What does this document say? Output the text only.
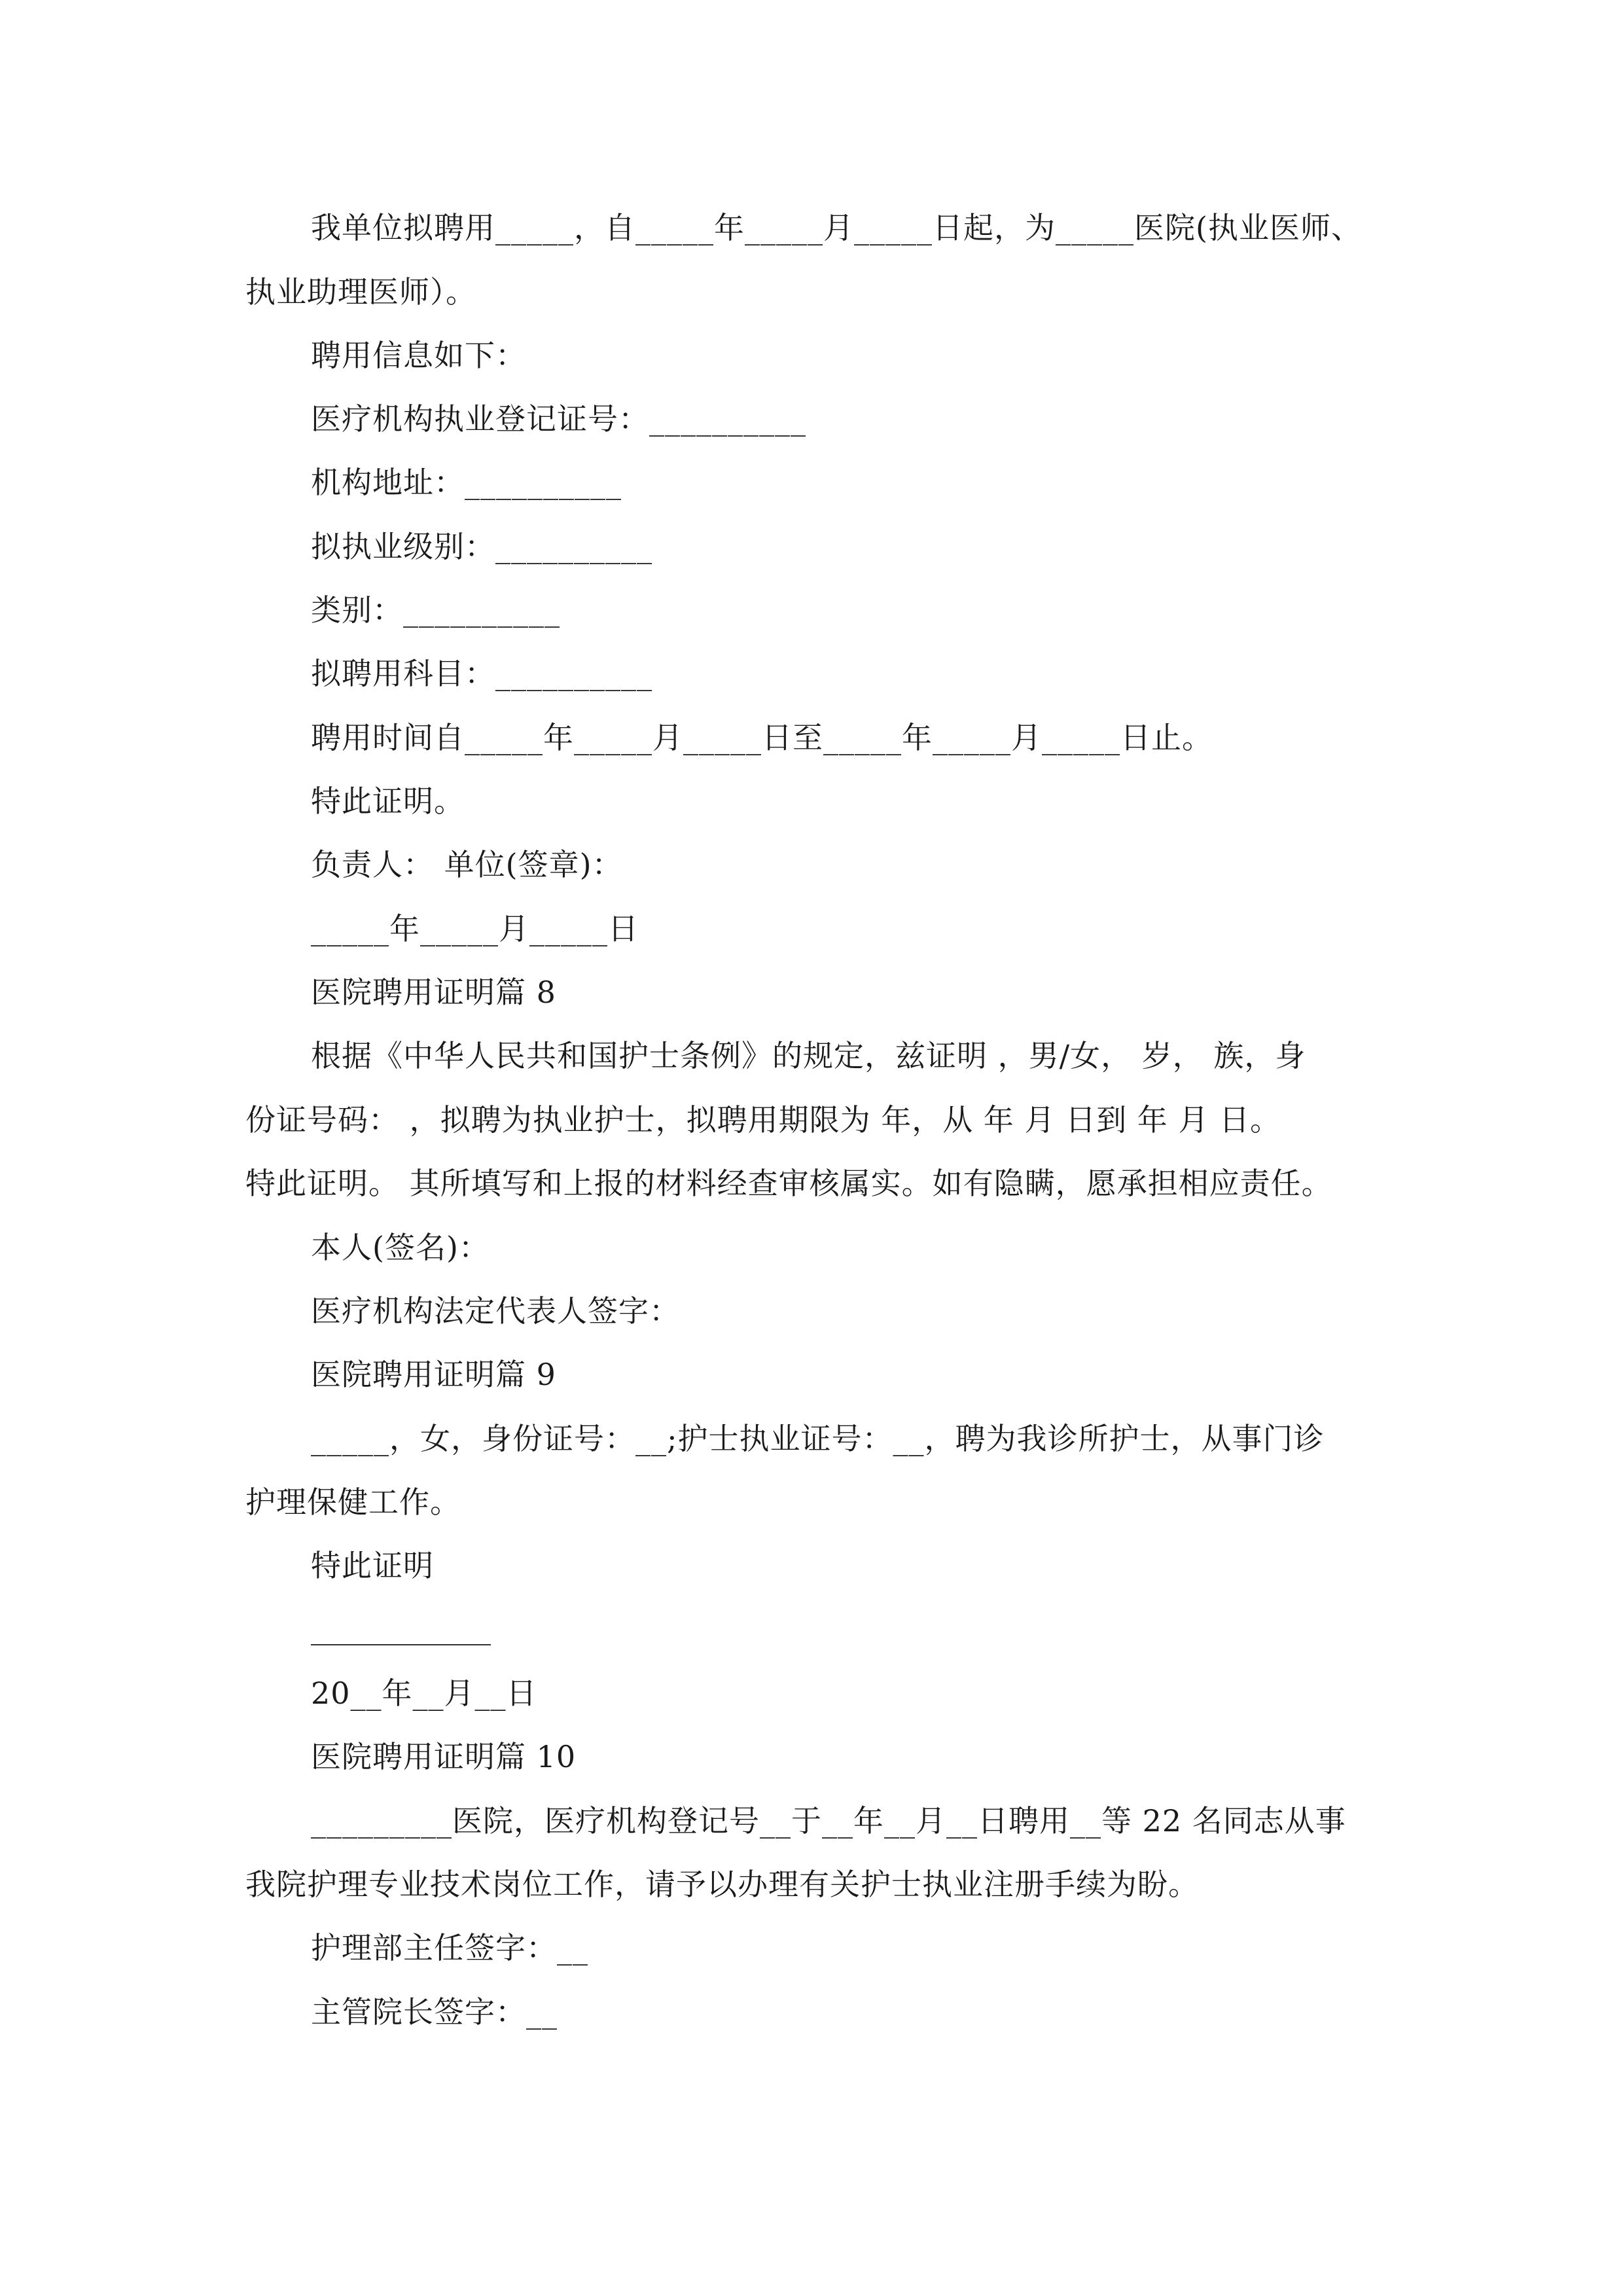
我单位拟聘用_____，自_____年_____月_____日起，为_____医院(执业医师、

执业助理医师）。

聘用信息如下：

医疗机构执业登记证号：__________

机构地址：__________

拟执业级别：__________

类别：__________

拟聘用科目：__________

聘用时间自_____年_____月_____日至_____年_____月_____日止。

特此证明。

负责人： 单位(签章)：

_____年_____月_____日

医院聘用证明篇 8

根据《中华人民共和国护士条例》的规定，兹证明 ，男/女， 岁， 族，身

份证号码： ，拟聘为执业护士，拟聘用期限为 年，从 年 月 日到 年 月 日。

特此证明。 其所填写和上报的材料经查审核属实。如有隐瞒，愿承担相应责任。

本人(签名)：

医疗机构法定代表人签字：

医院聘用证明篇 9

_____，女，身份证号：__;护士执业证号：__，聘为我诊所护士，从事门诊

护理保健工作。

特此证明

20__年__月__日

医院聘用证明篇 10

_________医院，医疗机构登记号__于__年__月__日聘用__等 22 名同志从事

我院护理专业技术岗位工作，请予以办理有关护士执业注册手续为盼。

护理部主任签字：__

主管院长签字：__
